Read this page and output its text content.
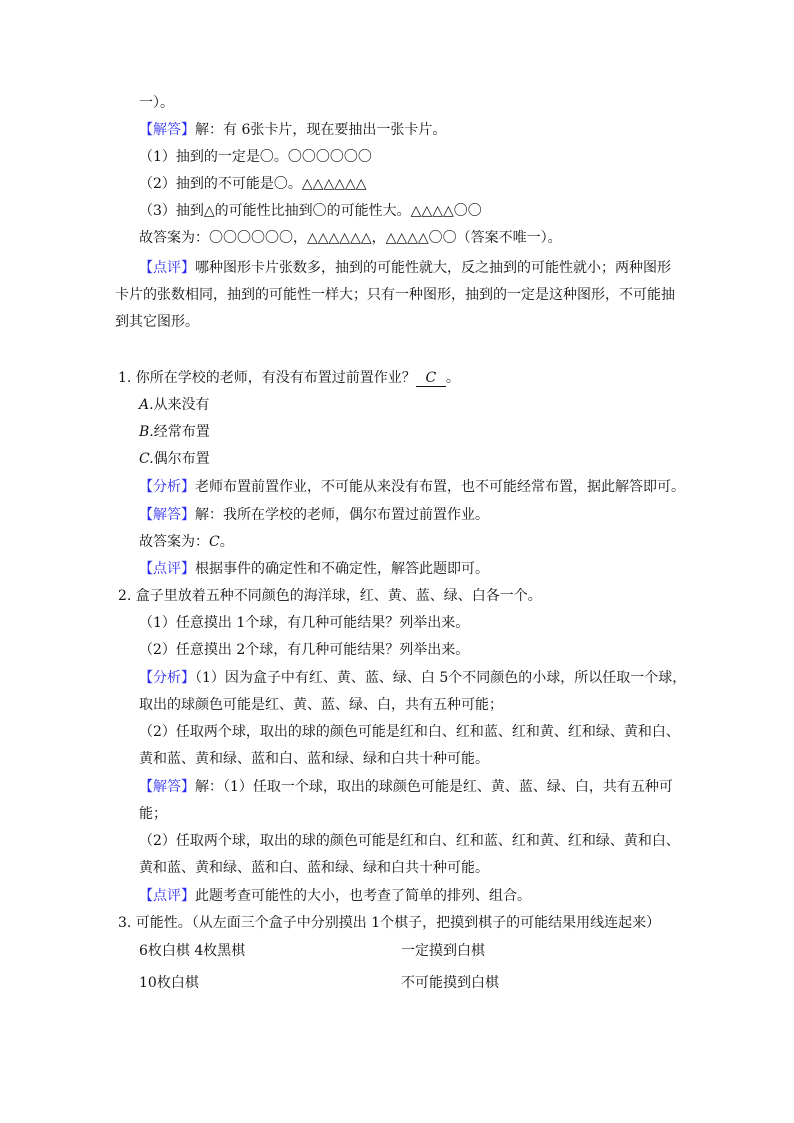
一）。
【解答】解：有 6张卡片，现在要抽出一张卡片。
（1）抽到的一定是〇。〇〇〇〇〇〇
（2）抽到的不可能是〇。△△△△△△
（3）抽到△的可能性比抽到〇的可能性大。△△△△〇〇
故答案为：〇〇〇〇〇〇，△△△△△△，△△△△〇〇（答案不唯一）。
【点评】哪种图形卡片张数多，抽到的可能性就大，反之抽到的可能性就小；两种图形
卡片的张数相同，抽到的可能性一样大；只有一种图形，抽到的一定是这种图形，不可能抽
到其它图形。
1. 你所在学校的老师，有没有布置过前置作业？ C 。
A.从来没有
B.经常布置
C.偶尔布置
【分析】老师布置前置作业，不可能从来没有布置，也不可能经常布置，据此解答即可。
【解答】解：我所在学校的老师，偶尔布置过前置作业。
故答案为：C。
【点评】根据事件的确定性和不确定性，解答此题即可。
2. 盒子里放着五种不同颜色的海洋球，红、黄、蓝、绿、白各一个。
（1）任意摸出 1个球，有几种可能结果？列举出来。
（2）任意摸出 2个球，有几种可能结果？列举出来。
【分析】（1）因为盒子中有红、黄、蓝、绿、白 5个不同颜色的小球，所以任取一个球，
取出的球颜色可能是红、黄、蓝、绿、白，共有五种可能；
（2）任取两个球，取出的球的颜色可能是红和白、红和蓝、红和黄、红和绿、黄和白、
黄和蓝、黄和绿、蓝和白、蓝和绿、绿和白共十种可能。
【解答】解：（1）任取一个球，取出的球颜色可能是红、黄、蓝、绿、白，共有五种可
能；
（2）任取两个球，取出的球的颜色可能是红和白、红和蓝、红和黄、红和绿、黄和白、
黄和蓝、黄和绿、蓝和白、蓝和绿、绿和白共十种可能。
【点评】此题考查可能性的大小，也考查了简单的排列、组合。
3. 可能性。（从左面三个盒子中分别摸出 1个棋子，把摸到棋子的可能结果用线连起来）
6枚白棋 4枚黑棋	一定摸到白棋
10枚白棋	不可能摸到白棋
